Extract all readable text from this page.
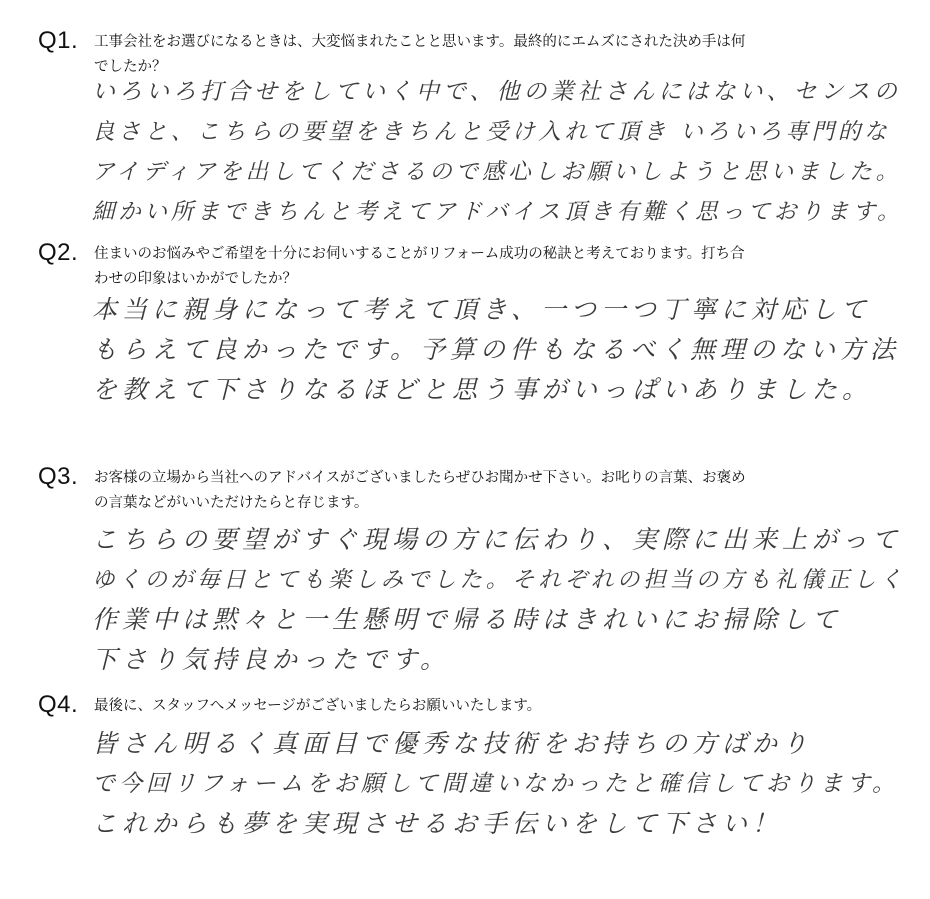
Q1. 工事会社をお選びになるときは、大変悩まれたことと思います。最終的にエムズにされた決め手は何
でしたか？

いろいろ打合せをしていく中で、他の業社さんにはない、センスの
良さと、こちらの要望をきちんと受け入れて頂き いろいろ専門的な
アイディアを出してくださるので感心しお願いしようと思いました。
細かい所まできちんと考えてアドバイス頂き有難く思っております。
Q2. 住まいのお悩みやご希望を十分にお伺いすることがリフォーム成功の秘訣と考えております。打ち合
わせの印象はいかがでしたか？

本当に親身になって考えて頂き、一つ一つ丁寧に対応して
もらえて良かったです。予算の件もなるべく無理のない方法
を教えて下さりなるほどと思う事がいっぱいありました。
Q3. お客様の立場から当社へのアドバイスがございましたらぜひお聞かせ下さい。お叱りの言葉、お褒め
の言葉などがいいただけたらと存じます。

こちらの要望がすぐ現場の方に伝わり、実際に出来上がって
ゆくのが毎日とても楽しみでした。それぞれの担当の方も礼儀正しく
作業中は黙々と一生懸明で帰る時はきれいにお掃除して
下さり気持良かったです。
Q4. 最後に、スタッフへメッセージがございましたらお願いいたします。

皆さん明るく真面目で優秀な技術をお持ちの方ばかり
で今回リフォームをお願して間違いなかったと確信しております。
これからも夢を実現させるお手伝いをして下さい！
